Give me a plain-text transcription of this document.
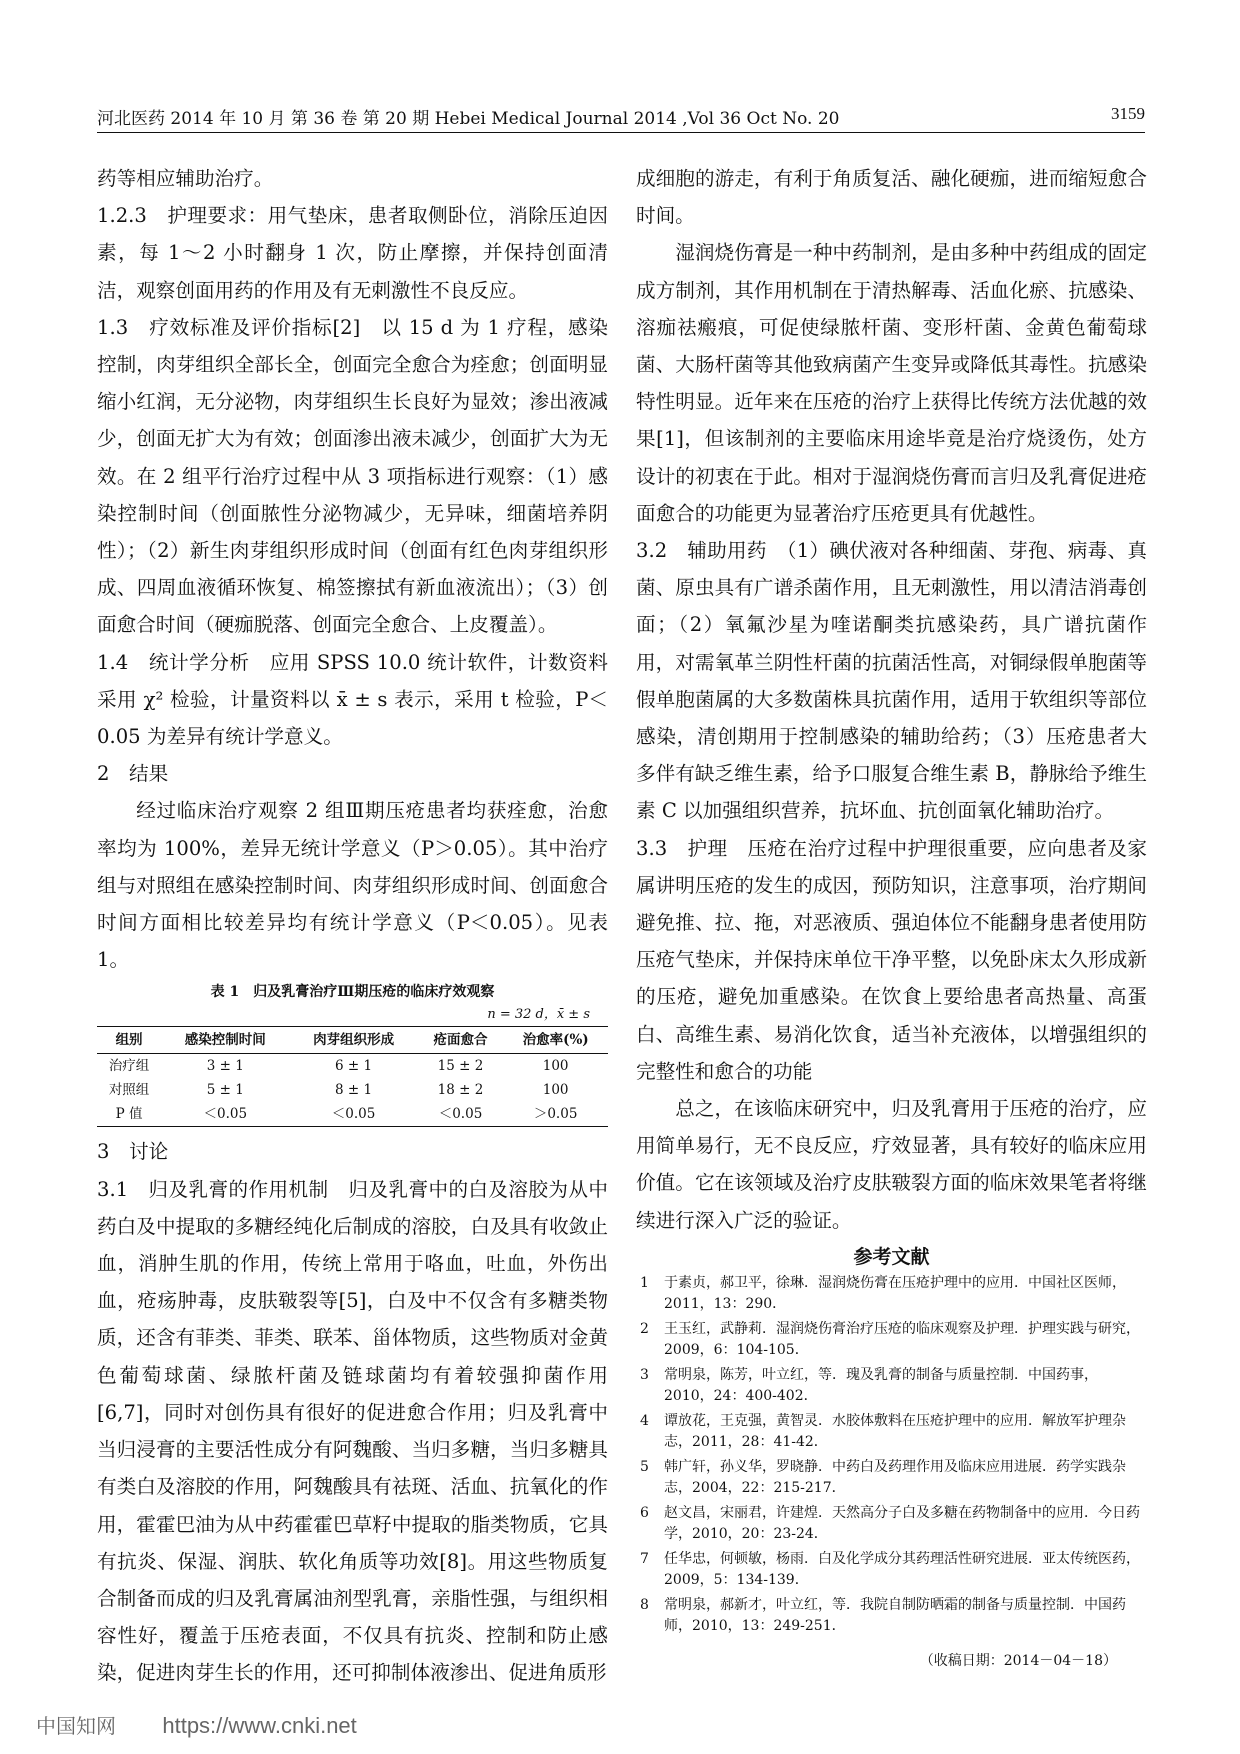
河北医药 2014 年 10 月 第 36 卷 第 20 期 Hebei Medical Journal 2014 ,Vol 36 Oct No. 20	3159

药等相应辅助治疗。

1.2.3　护理要求：用气垫床，患者取侧卧位，消除压迫因素，每 1～2 小时翻身 1 次，防止摩擦，并保持创面清洁，观察创面用药的作用及有无刺激性不良反应。

1.3　疗效标准及评价指标[2]　以 15 d 为 1 疗程，感染控制，肉芽组织全部长全，创面完全愈合为痊愈；创面明显缩小红润，无分泌物，肉芽组织生长良好为显效；渗出液减少，创面无扩大为有效；创面渗出液未减少，创面扩大为无效。在 2 组平行治疗过程中从 3 项指标进行观察：（1）感染控制时间（创面脓性分泌物减少，无异味，细菌培养阴性）；（2）新生肉芽组织形成时间（创面有红色肉芽组织形成、四周血液循环恢复、棉签擦拭有新血液流出）；（3）创面愈合时间（硬痂脱落、创面完全愈合、上皮覆盖）。

1.4　统计学分析　应用 SPSS 10.0 统计软件，计数资料采用 χ² 检验，计量资料以 x̄ ± s 表示，采用 t 检验，P＜0.05 为差异有统计学意义。

2　结果

经过临床治疗观察 2 组Ⅲ期压疮患者均获痊愈，治愈率均为 100%，差异无统计学意义（P＞0.05）。其中治疗组与对照组在感染控制时间、肉芽组织形成时间、创面愈合时间方面相比较差异均有统计学意义（P＜0.05）。见表 1。

表 1　归及乳膏治疗Ⅲ期压疮的临床疗效观察
n = 32 d，x̄ ± s
组别	感染控制时间	肉芽组织形成	疮面愈合	治愈率(%)
治疗组	3 ± 1	6 ± 1	15 ± 2	100
对照组	5 ± 1	8 ± 1	18 ± 2	100
P 值	＜0.05	＜0.05	＜0.05	＞0.05

3　讨论

3.1　归及乳膏的作用机制　归及乳膏中的白及溶胶为从中药白及中提取的多糖经纯化后制成的溶胶，白及具有收敛止血，消肿生肌的作用，传统上常用于咯血，吐血，外伤出血，疮疡肿毒，皮肤皲裂等[5]，白及中不仅含有多糖类物质，还含有菲类、菲类、联苯、甾体物质，这些物质对金黄色葡萄球菌、绿脓杆菌及链球菌均有着较强抑菌作用[6,7]，同时对创伤具有很好的促进愈合作用；归及乳膏中当归浸膏的主要活性成分有阿魏酸、当归多糖，当归多糖具有类白及溶胶的作用，阿魏酸具有祛斑、活血、抗氧化的作用，霍霍巴油为从中药霍霍巴草籽中提取的脂类物质，它具有抗炎、保湿、润肤、软化角质等功效[8]。用这些物质复合制备而成的归及乳膏属油剂型乳膏，亲脂性强，与组织相容性好，覆盖于压疮表面，不仅具有抗炎、控制和防止感染，促进肉芽生长的作用，还可抑制体液渗出、促进角质形

成细胞的游走，有利于角质复活、融化硬痂，进而缩短愈合时间。

湿润烧伤膏是一种中药制剂，是由多种中药组成的固定成方制剂，其作用机制在于清热解毒、活血化瘀、抗感染、溶痂祛瘢痕，可促使绿脓杆菌、变形杆菌、金黄色葡萄球菌、大肠杆菌等其他致病菌产生变异或降低其毒性。抗感染特性明显。近年来在压疮的治疗上获得比传统方法优越的效果[1]，但该制剂的主要临床用途毕竟是治疗烧烫伤，处方设计的初衷在于此。相对于湿润烧伤膏而言归及乳膏促进疮面愈合的功能更为显著治疗压疮更具有优越性。

3.2　辅助用药　（1）碘伏液对各种细菌、芽孢、病毒、真菌、原虫具有广谱杀菌作用，且无刺激性，用以清洁消毒创面；（2）氧氟沙星为喹诺酮类抗感染药，具广谱抗菌作用，对需氧革兰阴性杆菌的抗菌活性高，对铜绿假单胞菌等假单胞菌属的大多数菌株具抗菌作用，适用于软组织等部位感染，清创期用于控制感染的辅助给药；（3）压疮患者大多伴有缺乏维生素，给予口服复合维生素 B，静脉给予维生素 C 以加强组织营养，抗坏血、抗创面氧化辅助治疗。

3.3　护理　压疮在治疗过程中护理很重要，应向患者及家属讲明压疮的发生的成因，预防知识，注意事项，治疗期间避免推、拉、拖，对恶液质、强迫体位不能翻身患者使用防压疮气垫床，并保持床单位干净平整，以免卧床太久形成新的压疮，避免加重感染。在饮食上要给患者高热量、高蛋白、高维生素、易消化饮食，适当补充液体，以增强组织的完整性和愈合的功能

总之，在该临床研究中，归及乳膏用于压疮的治疗，应用简单易行，无不良反应，疗效显著，具有较好的临床应用价值。它在该领域及治疗皮肤皲裂方面的临床效果笔者将继续进行深入广泛的验证。

参考文献
1	于素贞，郝卫平，徐琳．湿润烧伤膏在压疮护理中的应用．中国社区医师，2011，13：290．
2	王玉红，武静莉．湿润烧伤膏治疗压疮的临床观察及护理．护理实践与研究，2009，6：104-105．
3	常明泉，陈芳，叶立红，等．瑰及乳膏的制备与质量控制．中国药事，2010，24：400-402．
4	谭放花，王克强，黄智灵．水胶体敷料在压疮护理中的应用．解放军护理杂志，2011，28：41-42．
5	韩广轩，孙义华，罗晓静．中药白及药理作用及临床应用进展．药学实践杂志，2004，22：215-217．
6	赵文昌，宋丽君，许建煌．天然高分子白及多糖在药物制备中的应用．今日药学，2010，20：23-24．
7	任华忠，何顿敏，杨雨．白及化学成分其药理活性研究进展．亚太传统医药，2009，5：134-139．
8	常明泉，郝新才，叶立红，等．我院自制防晒霜的制备与质量控制．中国药师，2010，13：249-251．
（收稿日期：2014－04－18）
中国知网 https://www.cnki.net
